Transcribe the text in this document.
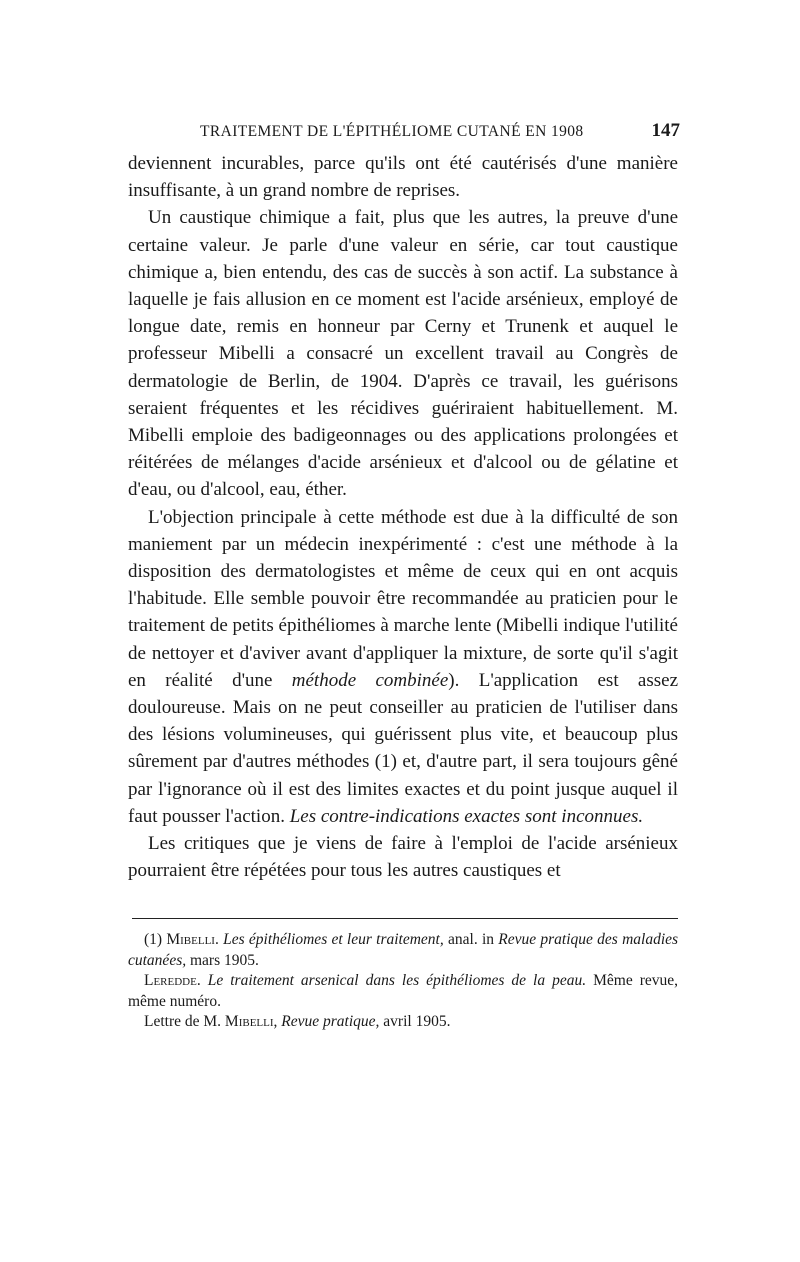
TRAITEMENT DE L'ÉPITHÉLIOME CUTANÉ EN 1908	147

deviennent incurables, parce qu'ils ont été cautérisés d'une manière insuffisante, à un grand nombre de reprises.

Un caustique chimique a fait, plus que les autres, la preuve d'une certaine valeur. Je parle d'une valeur en série, car tout caustique chimique a, bien entendu, des cas de succès à son actif. La substance à laquelle je fais allusion en ce moment est l'acide arsénieux, employé de longue date, remis en honneur par Cerny et Trunenk et auquel le professeur Mibelli a consacré un excellent travail au Congrès de dermatologie de Berlin, de 1904. D'après ce travail, les guérisons seraient fréquentes et les récidives guériraient habituellement. M. Mibelli emploie des badigeonnages ou des applications prolongées et réitérées de mélanges d'acide arsénieux et d'alcool ou de gélatine et d'eau, ou d'alcool, eau, éther.

L'objection principale à cette méthode est due à la difficulté de son maniement par un médecin inexpérimenté : c'est une méthode à la disposition des dermatologistes et même de ceux qui en ont acquis l'habitude. Elle semble pouvoir être recommandée au praticien pour le traitement de petits épithéliomes à marche lente (Mibelli indique l'utilité de nettoyer et d'aviver avant d'appliquer la mixture, de sorte qu'il s'agit en réalité d'une méthode combinée). L'application est assez douloureuse. Mais on ne peut conseiller au praticien de l'utiliser dans des lésions volumineuses, qui guérissent plus vite, et beaucoup plus sûrement par d'autres méthodes (1) et, d'autre part, il sera toujours gêné par l'ignorance où il est des limites exactes et du point jusque auquel il faut pousser l'action. Les contre-indications exactes sont inconnues.

Les critiques que je viens de faire à l'emploi de l'acide arsénieux pourraient être répétées pour tous les autres caustiques et

(1) Mibelli. Les épithéliomes et leur traitement, anal. in Revue pratique des maladies cutanées, mars 1905.

Leredde. Le traitement arsenical dans les épithéliomes de la peau. Même revue, même numéro.

Lettre de M. Mibelli, Revue pratique, avril 1905.
